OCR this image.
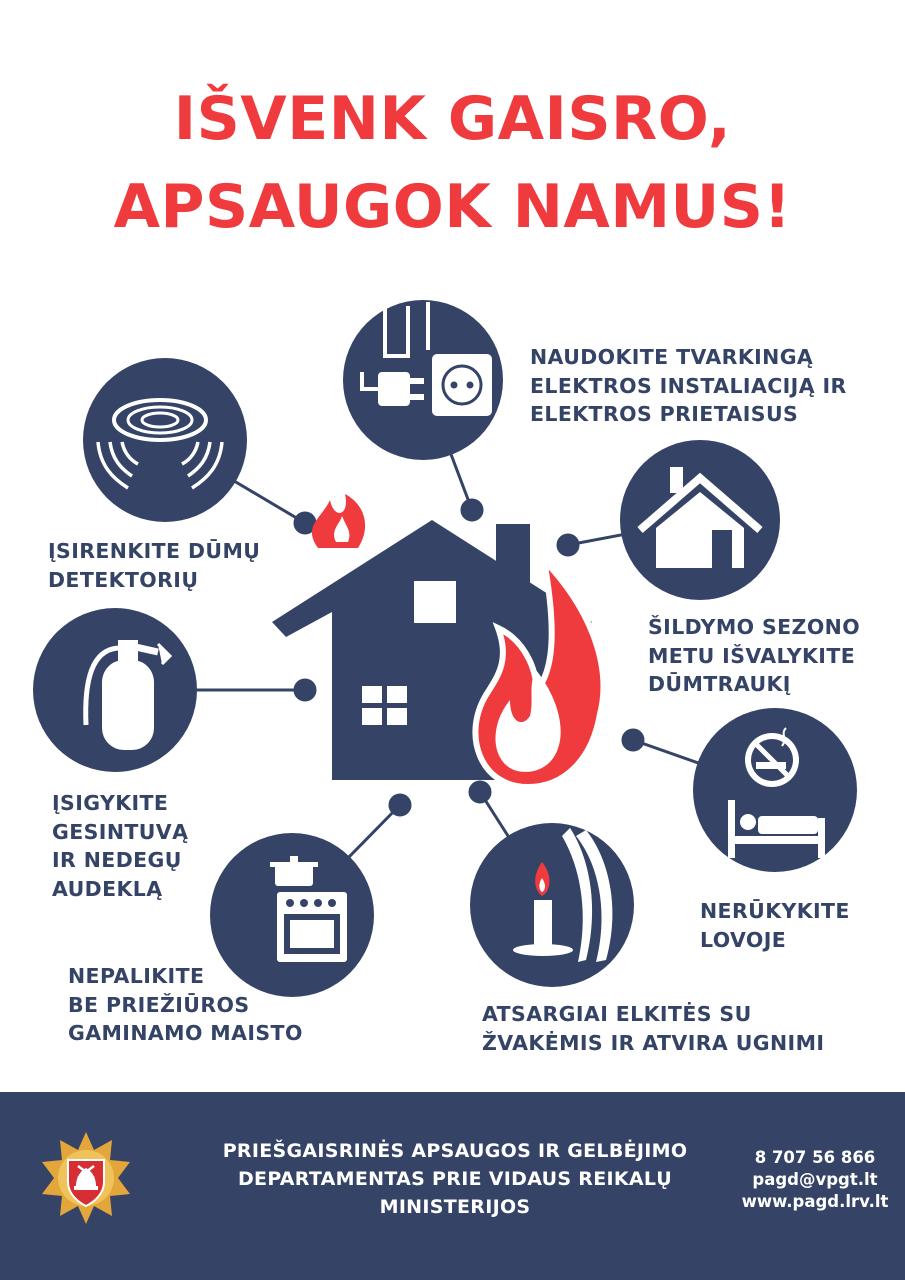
IŠVENK GAISRO,
APSAUGOK NAMUS!
NAUDOKITE TVARKINGĄ
ELEKTROS INSTALIACIJĄ IR
ELEKTROS PRIETAISUS
ĮSIRENKITE DŪMŲ
DETEKTORIŲ
ŠILDYMO SEZONO
METU IŠVALYKITE
DŪMTRAUKĮ
ĮSIGYKITE
GESINTUVĄ
IR NEDEGŲ
AUDEKLĄ
NERŪKYKITE
LOVOJE
NEPALIKITE
BE PRIEŽIŪROS
GAMINAMO MAISTO
ATSARGIAI ELKITĖS SU
ŽVAKĖMIS IR ATVIRA UGNIMI
PRIEŠGAISRINĖS APSAUGOS IR GELBĖJIMO
DEPARTAMENTAS PRIE VIDAUS REIKALŲ
MINISTERIJOS
8 707 56 866
pagd@vpgt.lt
www.pagd.lrv.lt
